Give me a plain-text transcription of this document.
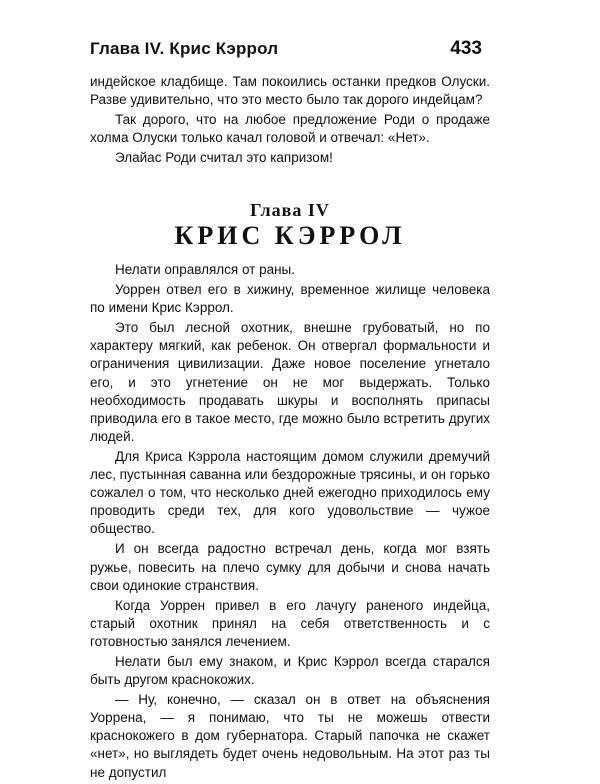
Глава IV. Крис Кэррол	433

индейское кладбище. Там покоились останки предков Олуски. Разве удивительно, что это место было так дорого индейцам?

Так дорого, что на любое предложение Роди о продаже холма Олуски только качал головой и отвечал: «Нет».

Элайас Роди считал это капризом!

Глава IV
КРИС КЭРРОЛ

Нелати оправлялся от раны.

Уоррен отвел его в хижину, временное жилище человека по имени Крис Кэррол.

Это был лесной охотник, внешне грубоватый, но по характеру мягкий, как ребенок. Он отвергал формальности и ограничения цивилизации. Даже новое поселение угнетало его, и это угнетение он не мог выдержать. Только необходимость продавать шкуры и восполнять припасы приводила его в такое место, где можно было встретить других людей.

Для Криса Кэррола настоящим домом служили дремучий лес, пустынная саванна или бездорожные трясины, и он горько сожалел о том, что несколько дней ежегодно приходилось ему проводить среди тех, для кого удовольствие — чужое общество.

И он всегда радостно встречал день, когда мог взять ружье, повесить на плечо сумку для добычи и снова начать свои одинокие странствия.

Когда Уоррен привел в его лачугу раненого индейца, старый охотник принял на себя ответственность и с готовностью занялся лечением.

Нелати был ему знаком, и Крис Кэррол всегда старался быть другом краснокожих.

— Ну, конечно, — сказал он в ответ на объяснения Уоррена, — я понимаю, что ты не можешь отвести краснокожего в дом губернатора. Старый папочка не скажет «нет», но выглядеть будет очень недовольным. На этот раз ты не допустил
